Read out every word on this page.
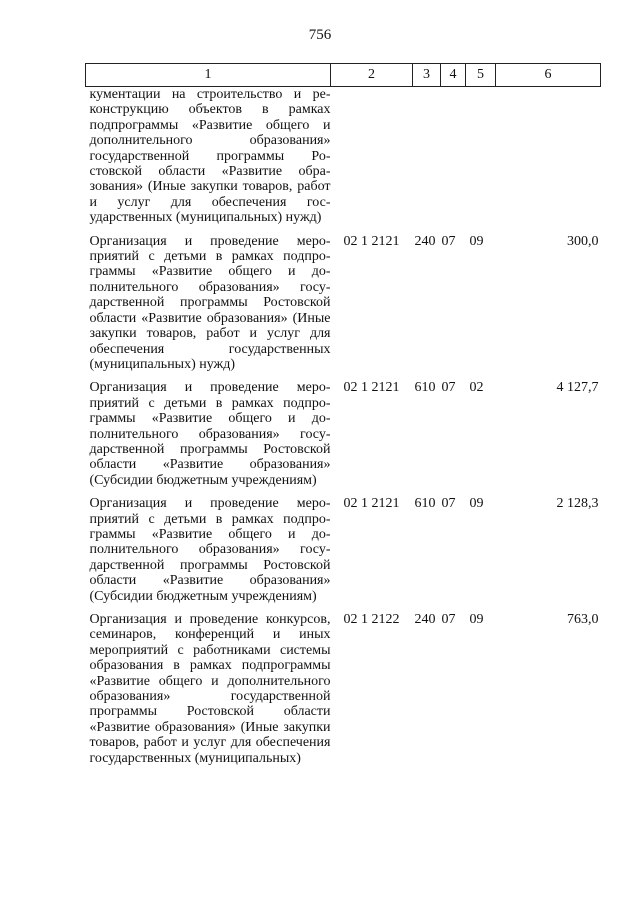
756
1	2	3	4	5	6
кументации на строительство и реконструкцию объектов в рамках подпрограммы «Развитие общего и дополнительного образования» государственной программы Ростовской области «Развитие образования» (Иные закупки товаров, работ и услуг для обеспечения государственных (муниципальных) нужд)					
Организация и проведение мероприятий с детьми в рамках подпрограммы «Развитие общего и дополнительного образования» государственной программы Ростовской области «Развитие образования» (Иные закупки товаров, работ и услуг для обеспечения государственных (муниципальных) нужд)	02 1 2121	240	07	09	300,0
Организация и проведение мероприятий с детьми в рамках подпрограммы «Развитие общего и дополнительного образования» государственной программы Ростовской области «Развитие образования» (Субсидии бюджетным учреждениям)	02 1 2121	610	07	02	4 127,7
Организация и проведение мероприятий с детьми в рамках подпрограммы «Развитие общего и дополнительного образования» государственной программы Ростовской области «Развитие образования» (Субсидии бюджетным учреждениям)	02 1 2121	610	07	09	2 128,3
Организация и проведение конкурсов, семинаров, конференций и иных мероприятий с работниками системы образования в рамках подпрограммы «Развитие общего и дополнительного образования» государственной программы Ростовской области «Развитие образования» (Иные закупки товаров, работ и услуг для обеспечения государственных (муниципальных)	02 1 2122	240	07	09	763,0
